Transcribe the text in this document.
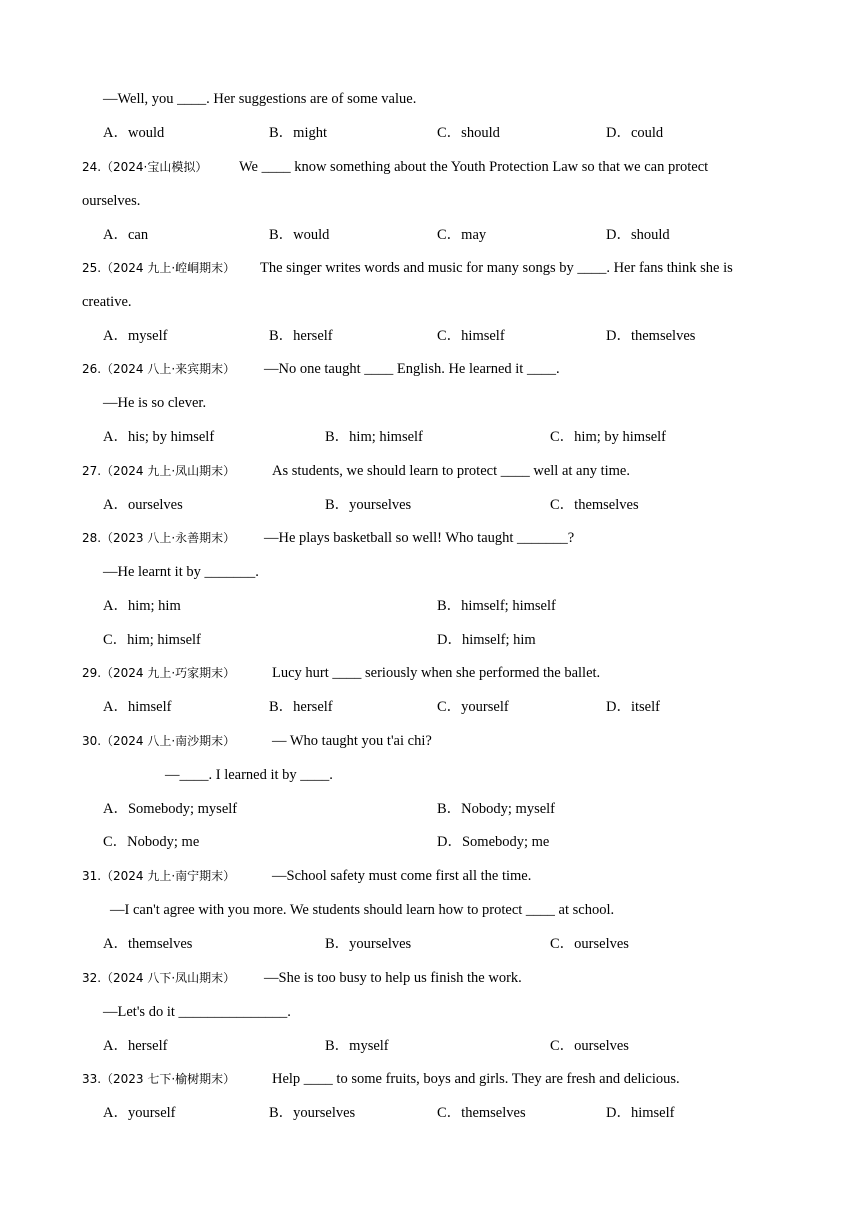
—Well, you ____. Her suggestions are of some value.
A．would	B．might	C．should	D．could
24. （2024·宝山模拟） We ____ know something about the Youth Protection Law so that we can protect
ourselves.
A．can	B．would	C．may	D．should
25. （2024 九上·崆峒期末） The singer writes words and music for many songs by ____. Her fans think she is
creative.
A．myself	B．herself	C．himself	D．themselves
26. （2024 八上·来宾期末） —No one taught ____ English. He learned it ____.
—He is so clever.
A．his; by himself	B．him; himself	C．him; by himself
27. （2024 九上·凤山期末）	As students, we should learn to protect ____ well at any time.
A．ourselves	B．yourselves	C．themselves
28. （2023 八上·永善期末） —He plays basketball so well! Who taught _______?
—He learnt it by _______.
A．him; him	B．himself; himself
C．him; himself	D．himself; him
29. （2024 九上·巧家期末）	Lucy hurt ____ seriously when she performed the ballet.
A．himself	B．herself	C．yourself	D．itself
30. （2024 八上·南沙期末）	— Who taught you t'ai chi?
—____. I learned it by ____.
A．Somebody; myself	B．Nobody; myself
C．Nobody; me	D．Somebody; me
31. （2024 九上·南宁期末）	—School safety must come first all the time.
—I can't agree with you more. We students should learn how to protect ____ at school.
A．themselves	B．yourselves	C．ourselves
32. （2024 八下·凤山期末） —She is too busy to help us finish the work.
—Let's do it _______________.
A．herself	B．myself	C．ourselves
33. （2023 七下·榆树期末）	Help ____ to some fruits, boys and girls. They are fresh and delicious.
A．yourself	B．yourselves	C．themselves	D．himself
